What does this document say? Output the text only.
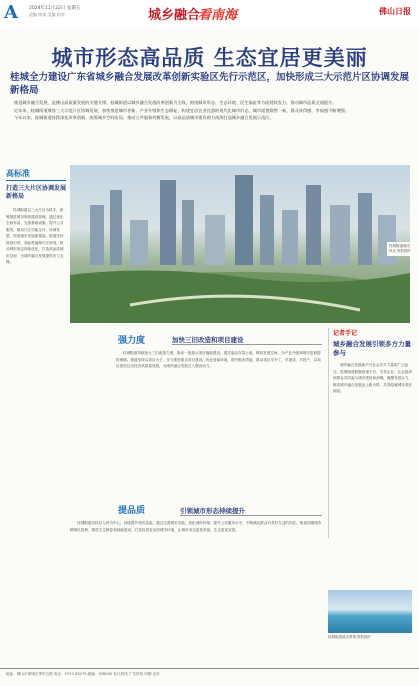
A 2024年11月22日 星期五
责编 阅读 美编 校对	城乡融合
看南海	佛山日报
城市形态高品质 生态宜居更美丽
桂城全力建设广东省城乡融合发展改革创新实验区先行示范区，加快形成三大示范片区协调发展新格局

推进城乡融合发展，是佛山高质量发展的关键支撑。桂城街道以城乡融合发展改革创新为主线，围绕城市形态、生态环境、民生福祉等方面持续发力，推动城市品质全面提升。

近年来，桂城街道聚焦三大示范片区协调发展，加快推进城市更新、产业升级和生态修复，构建宜居宜业宜游的现代化城市形态，城市面貌焕然一新，群众获得感、幸福感不断增强。

今年以来，桂城街道持续深化改革创新，统筹城乡空间布局，推动公共服务均衡发展，以高品质城市建设助力南海打造城乡融合发展示范区。

高标准
打造三大片区协调发展新格局
桂城街道以三大片区为抓手，统筹推进城市规划建设管理。通过优化空间布局、完善基础设施、提升公共服务，推动片区功能互补、协调发展，形成城市发展新格局。街道坚持规划引领，高标准编制片区规划，推动城市形态持续优化，打造高品质城市空间，为城乡融合发展提供有力支撑。
桂城街道城市风光 资料图片
强力度	加快三旧改造和项目建设
桂城街道持续加大三旧改造力度，推动一批重点项目落地建设。通过盘活存量土地，释放发展空间，为产业升级和城市更新提供保障。街道坚持以项目为王，全力推进重点项目建设，优化营商环境，提升服务效能，推动项目早开工、早建成、早投产，以项目建设拉动经济高质量发展，为城乡融合发展注入强劲动力。
提品质	引领城市形态持续提升
桂城街道坚持以人民为中心，持续提升城市品质。通过完善城市功能、美化城市环境、提升公共服务水平，不断满足群众对美好生活的向往。街道加强城市精细化管理，推进生态修复和绿地建设，打造宜居宜业的城市环境，让城市形态更加美丽，生态更加宜居。
记者手记
城乡融合发展引领多方力量参与
城乡融合发展离不开社会各方力量的广泛参与。桂城街道积极搭建平台，引导企业、社会组织和群众共同参与城市建设和治理，凝聚发展合力，推动城乡融合发展迈上新台阶，共同绘就城市美好画卷。
桂城街道滨水景观 资料图片
地址：佛山市禅城区季华五路 电话：0757-83279 邮编：528000 发行热线 广告热线 印刷 定价
